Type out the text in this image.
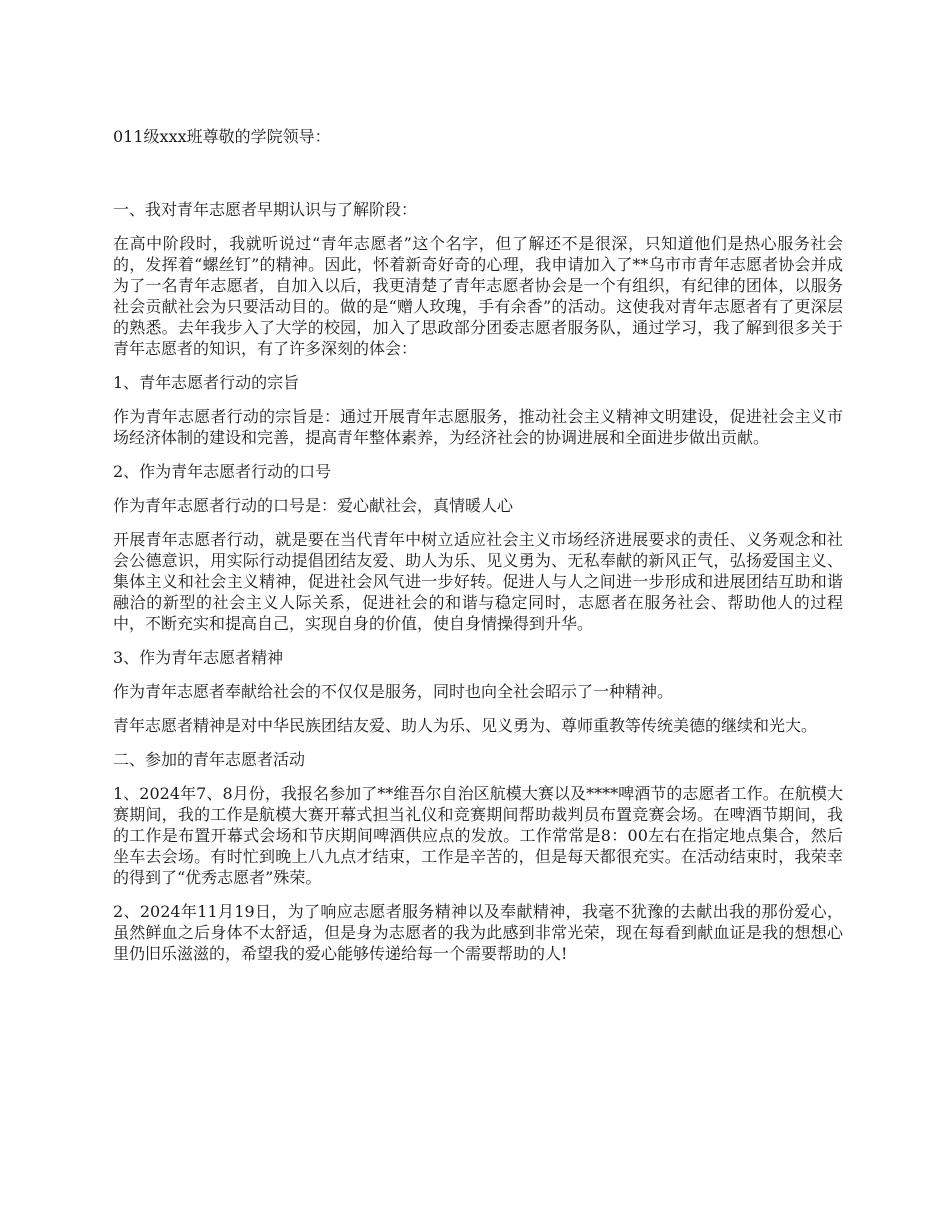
011级xxx班尊敬的学院领导：

一、我对青年志愿者早期认识与了解阶段：

在高中阶段时，我就听说过“青年志愿者”这个名字，但了解还不是很深，只知道他们是热心服务社会的，发挥着“螺丝钉”的精神。因此，怀着新奇好奇的心理，我申请加入了**乌市市青年志愿者协会并成为了一名青年志愿者，自加入以后，我更清楚了青年志愿者协会是一个有组织，有纪律的团体，以服务社会贡献社会为只要活动目的。做的是“赠人玫瑰，手有余香”的活动。这使我对青年志愿者有了更深层的熟悉。去年我步入了大学的校园，加入了思政部分团委志愿者服务队，通过学习，我了解到很多关于青年志愿者的知识，有了许多深刻的体会：

1、青年志愿者行动的宗旨

作为青年志愿者行动的宗旨是：通过开展青年志愿服务，推动社会主义精神文明建设，促进社会主义市场经济体制的建设和完善，提高青年整体素养，为经济社会的协调进展和全面进步做出贡献。

2、作为青年志愿者行动的口号

作为青年志愿者行动的口号是：爱心献社会，真情暖人心

开展青年志愿者行动，就是要在当代青年中树立适应社会主义市场经济进展要求的责任、义务观念和社会公德意识，用实际行动提倡团结友爱、助人为乐、见义勇为、无私奉献的新风正气，弘扬爱国主义、集体主义和社会主义精神，促进社会风气进一步好转。促进人与人之间进一步形成和进展团结互助和谐融洽的新型的社会主义人际关系，促进社会的和谐与稳定同时，志愿者在服务社会、帮助他人的过程中，不断充实和提高自己，实现自身的价值，使自身情操得到升华。

3、作为青年志愿者精神

作为青年志愿者奉献给社会的不仅仅是服务，同时也向全社会昭示了一种精神。

青年志愿者精神是对中华民族团结友爱、助人为乐、见义勇为、尊师重教等传统美德的继续和光大。

二、参加的青年志愿者活动

1、2024年7、8月份，我报名参加了**维吾尔自治区航模大赛以及****啤酒节的志愿者工作。在航模大赛期间，我的工作是航模大赛开幕式担当礼仪和竞赛期间帮助裁判员布置竞赛会场。在啤酒节期间，我的工作是布置开幕式会场和节庆期间啤酒供应点的发放。工作常常是8：00左右在指定地点集合，然后坐车去会场。有时忙到晚上八九点才结束，工作是辛苦的，但是每天都很充实。在活动结束时，我荣幸的得到了“优秀志愿者”殊荣。

2、2024年11月19日，为了响应志愿者服务精神以及奉献精神，我毫不犹豫的去献出我的那份爱心，虽然鲜血之后身体不太舒适，但是身为志愿者的我为此感到非常光荣，现在每看到献血证是我的想想心里仍旧乐滋滋的，希望我的爱心能够传递给每一个需要帮助的人!
